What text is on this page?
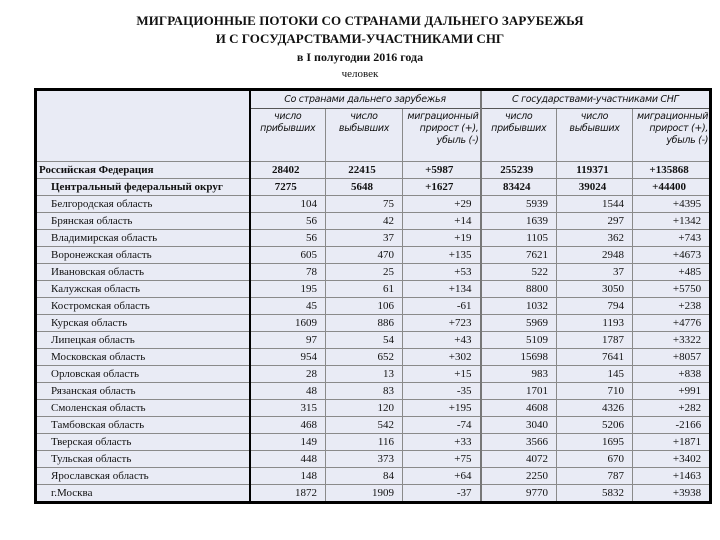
МИГРАЦИОННЫЕ ПОТОКИ СО СТРАНАМИ ДАЛЬНЕГО ЗАРУБЕЖЬЯ
И С ГОСУДАРСТВАМИ-УЧАСТНИКАМИ СНГ
в I полугодии 2016 года
человек
	Со странами дальнего зарубежья			С государствами-участниками СНГ		
	число прибывших	число выбывших	миграционный прирост (+), убыль (-)	число прибывших	число выбывших	миграционный прирост (+), убыль (-)
Российская Федерация	28402	22415	+5987	255239	119371	+135868
Центральный федеральный округ	7275	5648	+1627	83424	39024	+44400
Белгородская область	104	75	+29	5939	1544	+4395
Брянская область	56	42	+14	1639	297	+1342
Владимирская область	56	37	+19	1105	362	+743
Воронежская область	605	470	+135	7621	2948	+4673
Ивановская область	78	25	+53	522	37	+485
Калужская область	195	61	+134	8800	3050	+5750
Костромская область	45	106	-61	1032	794	+238
Курская область	1609	886	+723	5969	1193	+4776
Липецкая область	97	54	+43	5109	1787	+3322
Московская область	954	652	+302	15698	7641	+8057
Орловская область	28	13	+15	983	145	+838
Рязанская область	48	83	-35	1701	710	+991
Смоленская область	315	120	+195	4608	4326	+282
Тамбовская область	468	542	-74	3040	5206	-2166
Тверская область	149	116	+33	3566	1695	+1871
Тульская область	448	373	+75	4072	670	+3402
Ярославская область	148	84	+64	2250	787	+1463
г.Москва	1872	1909	-37	9770	5832	+3938
